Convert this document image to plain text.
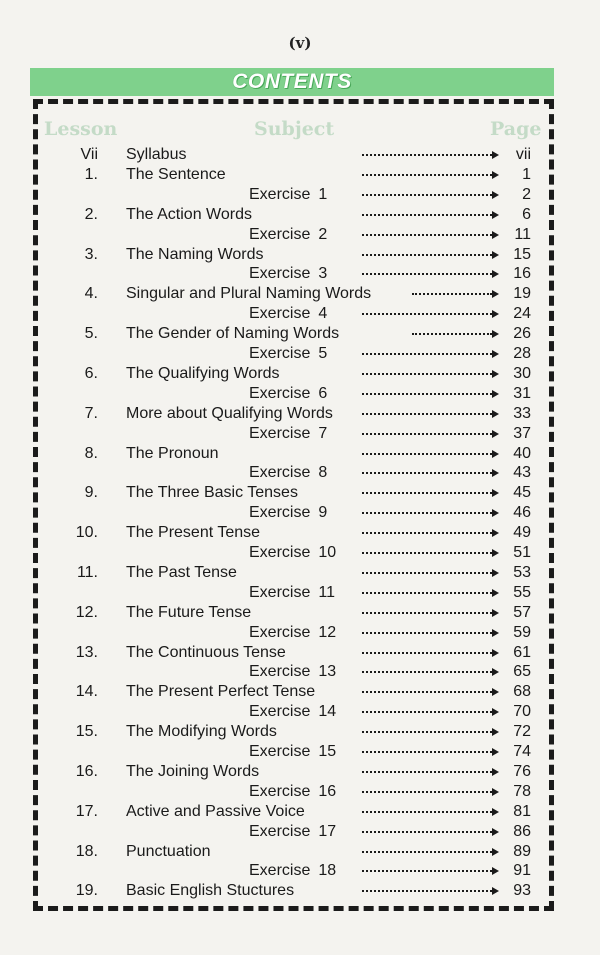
(v)
CONTENTS
Lesson	Subject	Page
Vii Syllabus	vii
1. The Sentence	1
Exercise 1	2
2. The Action Words	6
Exercise 2	11
3. The Naming Words	15
Exercise 3	16
4. Singular and Plural Naming Words	19
Exercise 4	24
5. The Gender of Naming Words	26
Exercise 5	28
6. The Qualifying Words	30
Exercise 6	31
7. More about Qualifying Words	33
Exercise 7	37
8. The Pronoun	40
Exercise 8	43
9. The Three Basic Tenses	45
Exercise 9	46
10. The Present Tense	49
Exercise 10	51
11. The Past Tense	53
Exercise 11	55
12. The Future Tense	57
Exercise 12	59
13. The Continuous Tense	61
Exercise 13	65
14. The Present Perfect Tense	68
Exercise 14	70
15. The Modifying Words	72
Exercise 15	74
16. The Joining Words	76
Exercise 16	78
17. Active and Passive Voice	81
Exercise 17	86
18. Punctuation	89
Exercise 18	91
19. Basic English Stuctures	93
